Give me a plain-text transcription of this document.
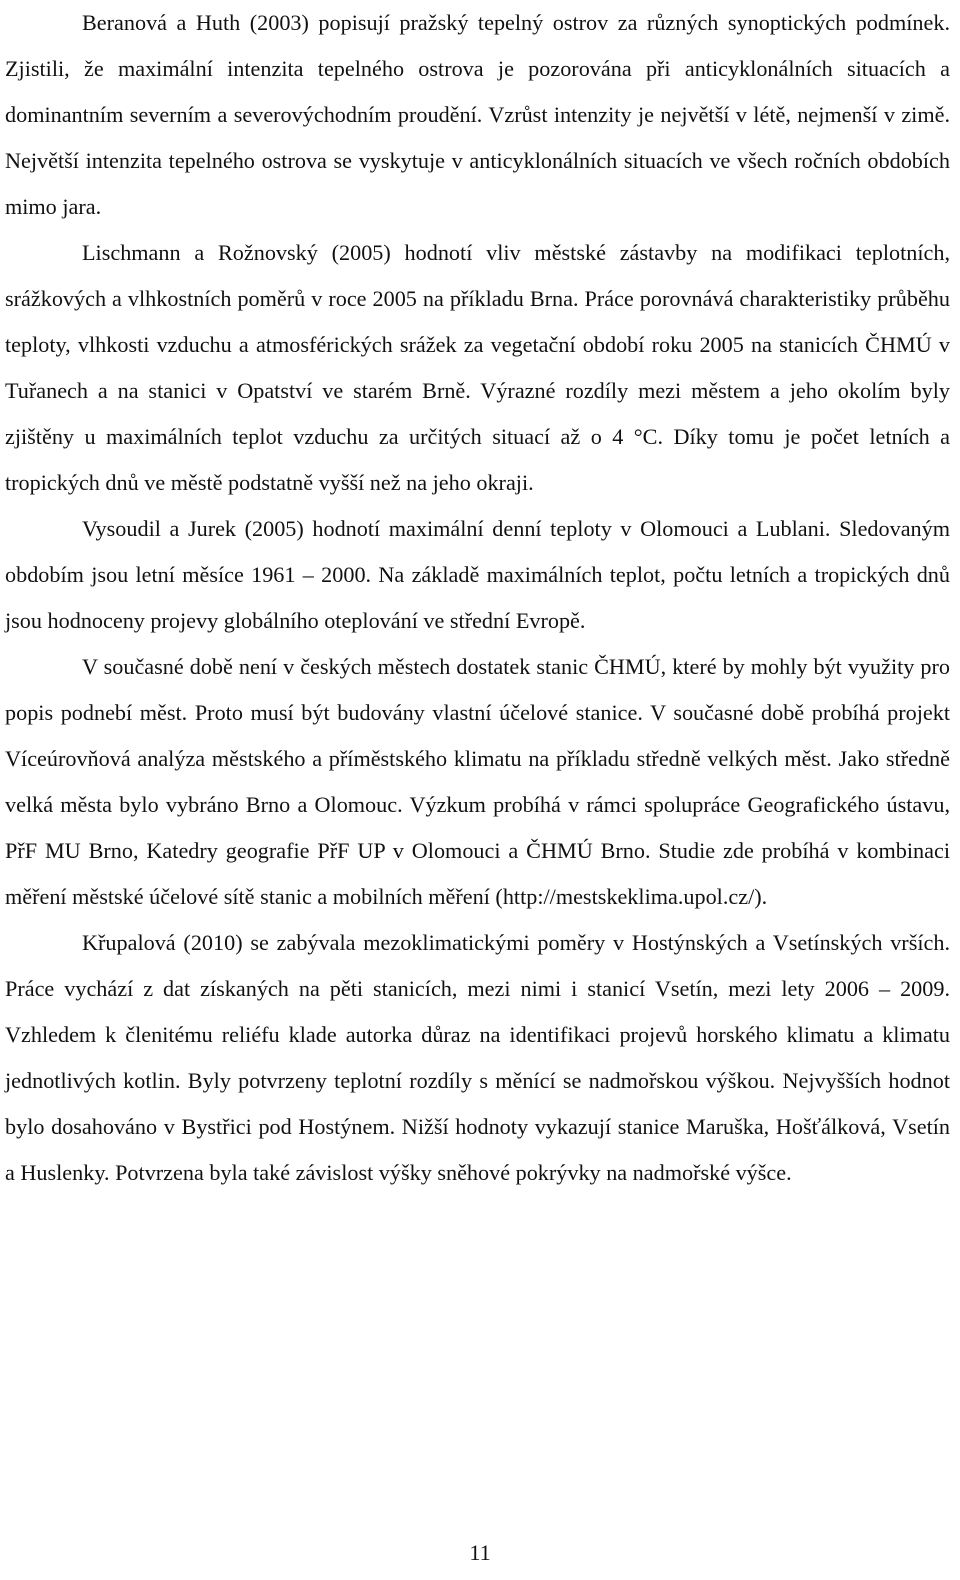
Beranová a Huth (2003) popisují pražský tepelný ostrov za různých synoptických podmínek. Zjistili, že maximální intenzita tepelného ostrova je pozorována při anticyklonálních situacích a dominantním severním a severovýchodním proudění. Vzrůst intenzity je největší v létě, nejmenší v zimě. Největší intenzita tepelného ostrova se vyskytuje v anticyklonálních situacích ve všech ročních obdobích mimo jara.

Lischmann a Rožnovský (2005) hodnotí vliv městské zástavby na modifikaci teplotních, srážkových a vlhkostních poměrů v roce 2005 na příkladu Brna. Práce porovnává charakteristiky průběhu teploty, vlhkosti vzduchu a atmosférických srážek za vegetační období roku 2005 na stanicích ČHMÚ v Tuřanech a na stanici v Opatství ve starém Brně. Výrazné rozdíly mezi městem a jeho okolím byly zjištěny u maximálních teplot vzduchu za určitých situací až o 4 °C. Díky tomu je počet letních a tropických dnů ve městě podstatně vyšší než na jeho okraji.

Vysoudil a Jurek (2005) hodnotí maximální denní teploty v Olomouci a Lublani. Sledovaným obdobím jsou letní měsíce 1961 – 2000. Na základě maximálních teplot, počtu letních a tropických dnů jsou hodnoceny projevy globálního oteplování ve střední Evropě.

V současné době není v českých městech dostatek stanic ČHMÚ, které by mohly být využity pro popis podnebí měst. Proto musí být budovány vlastní účelové stanice. V současné době probíhá projekt Víceúrovňová analýza městského a příměstského klimatu na příkladu středně velkých měst. Jako středně velká města bylo vybráno Brno a Olomouc. Výzkum probíhá v rámci spolupráce Geografického ústavu, PřF MU Brno, Katedry geografie PřF UP v Olomouci a ČHMÚ Brno. Studie zde probíhá v kombinaci měření městské účelové sítě stanic a mobilních měření (http://mestskeklima.upol.cz/).

Křupalová (2010) se zabývala mezoklimatickými poměry v Hostýnských a Vsetínských vrších. Práce vychází z dat získaných na pěti stanicích, mezi nimi i stanicí Vsetín, mezi lety 2006 – 2009. Vzhledem k členitému reliéfu klade autorka důraz na identifikaci projevů horského klimatu a klimatu jednotlivých kotlin. Byly potvrzeny teplotní rozdíly s měnící se nadmořskou výškou. Nejvyšších hodnot bylo dosahováno v Bystřici pod Hostýnem. Nižší hodnoty vykazují stanice Maruška, Hošťálková, Vsetín a Huslenky. Potvrzena byla také závislost výšky sněhové pokrývky na nadmořské výšce.

11
